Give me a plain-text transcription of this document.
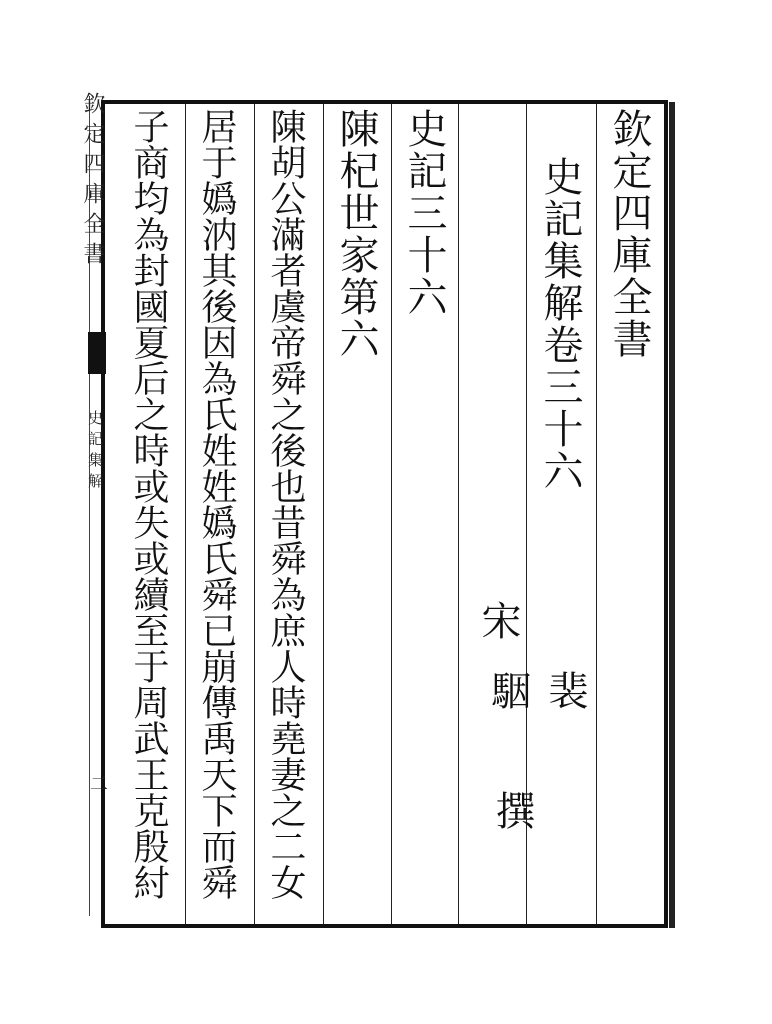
欽定四庫全書
史記集解
二
欽定四庫全書
史記集解卷三十六
宋
裴駰
撰
史記三十六
陳杞世家第六
陳胡公滿者虞帝舜之後也昔舜為庶人時堯妻之二女
居于嬀汭其後因為氏姓姓嬀氏舜已崩傳禹天下而舜
子商均為封國夏后之時或失或續至于周武王克殷紂
